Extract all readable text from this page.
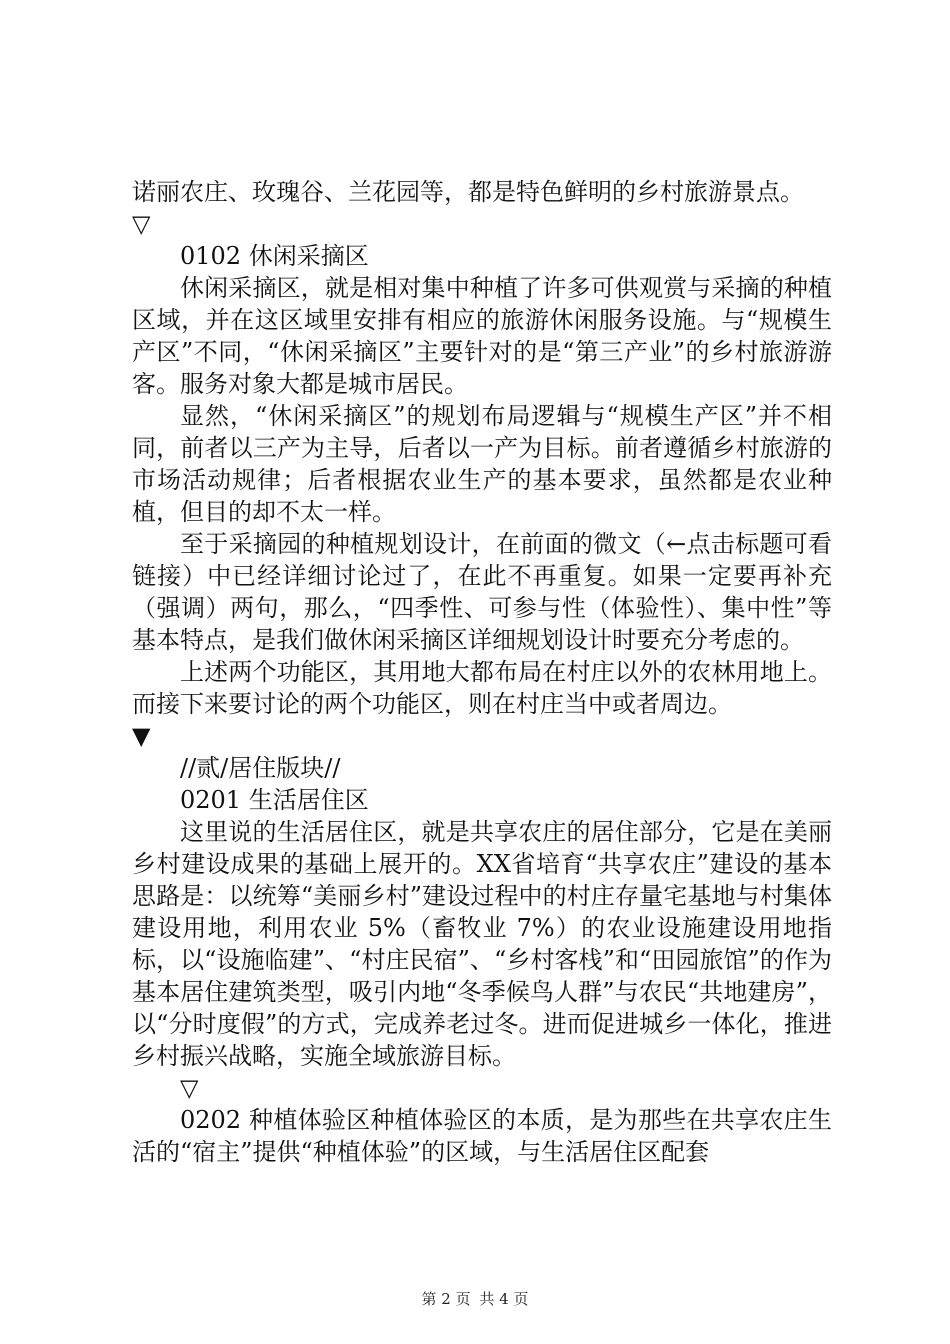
诺丽农庄、玫瑰谷、兰花园等，都是特色鲜明的乡村旅游景点。

▽

0102 休闲采摘区

休闲采摘区，就是相对集中种植了许多可供观赏与采摘的种植区域，并在这区域里安排有相应的旅游休闲服务设施。与“规模生产区”不同，“休闲采摘区”主要针对的是“第三产业”的乡村旅游游客。服务对象大都是城市居民。

显然，“休闲采摘区”的规划布局逻辑与“规模生产区”并不相同，前者以三产为主导，后者以一产为目标。前者遵循乡村旅游的市场活动规律；后者根据农业生产的基本要求，虽然都是农业种植，但目的却不太一样。

至于采摘园的种植规划设计，在前面的微文（←点击标题可看链接）中已经详细讨论过了，在此不再重复。如果一定要再补充（强调）两句，那么，“四季性、可参与性（体验性）、集中性”等基本特点，是我们做休闲采摘区详细规划设计时要充分考虑的。

上述两个功能区，其用地大都布局在村庄以外的农林用地上。而接下来要讨论的两个功能区，则在村庄当中或者周边。

▼

//贰/居住版块//

0201 生活居住区

这里说的生活居住区，就是共享农庄的居住部分，它是在美丽乡村建设成果的基础上展开的。XX省培育“共享农庄”建设的基本思路是：以统筹“美丽乡村”建设过程中的村庄存量宅基地与村集体建设用地，利用农业 5%（畜牧业 7%）的农业设施建设用地指标，以“设施临建”、“村庄民宿”、“乡村客栈”和“田园旅馆”的作为基本居住建筑类型，吸引内地“冬季候鸟人群”与农民“共地建房”，以“分时度假”的方式，完成养老过冬。进而促进城乡一体化，推进乡村振兴战略，实施全域旅游目标。

▽

0202 种植体验区种植体验区的本质，是为那些在共享农庄生活的“宿主”提供“种植体验”的区域，与生活居住区配套

第 2 页 共 4 页
